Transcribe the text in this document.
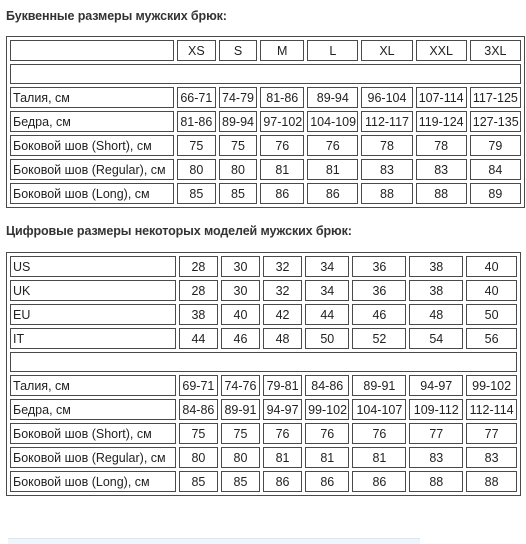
Буквенные размеры мужских брюк:
	XS	S	M	L	XL	XXL	3XL

Талия, см	66-71	74-79	81-86	89-94	96-104	107-114	117-125
Бедра, см	81-86	89-94	97-102	104-109	112-117	119-124	127-135
Боковой шов (Short), см	75	75	76	76	78	78	79
Боковой шов (Regular), см	80	80	81	81	83	83	84
Боковой шов (Long), см	85	85	86	86	88	88	89
Цифровые размеры некоторых моделей мужских брюк:
US	28	30	32	34	36	38	40
UK	28	30	32	34	36	38	40
EU	38	40	42	44	46	48	50
IT	44	46	48	50	52	54	56

Талия, см	69-71	74-76	79-81	84-86	89-91	94-97	99-102
Бедра, см	84-86	89-91	94-97	99-102	104-107	109-112	112-114
Боковой шов (Short), см	75	75	76	76	76	77	77
Боковой шов (Regular), см	80	80	81	81	81	83	83
Боковой шов (Long), см	85	85	86	86	86	88	88
